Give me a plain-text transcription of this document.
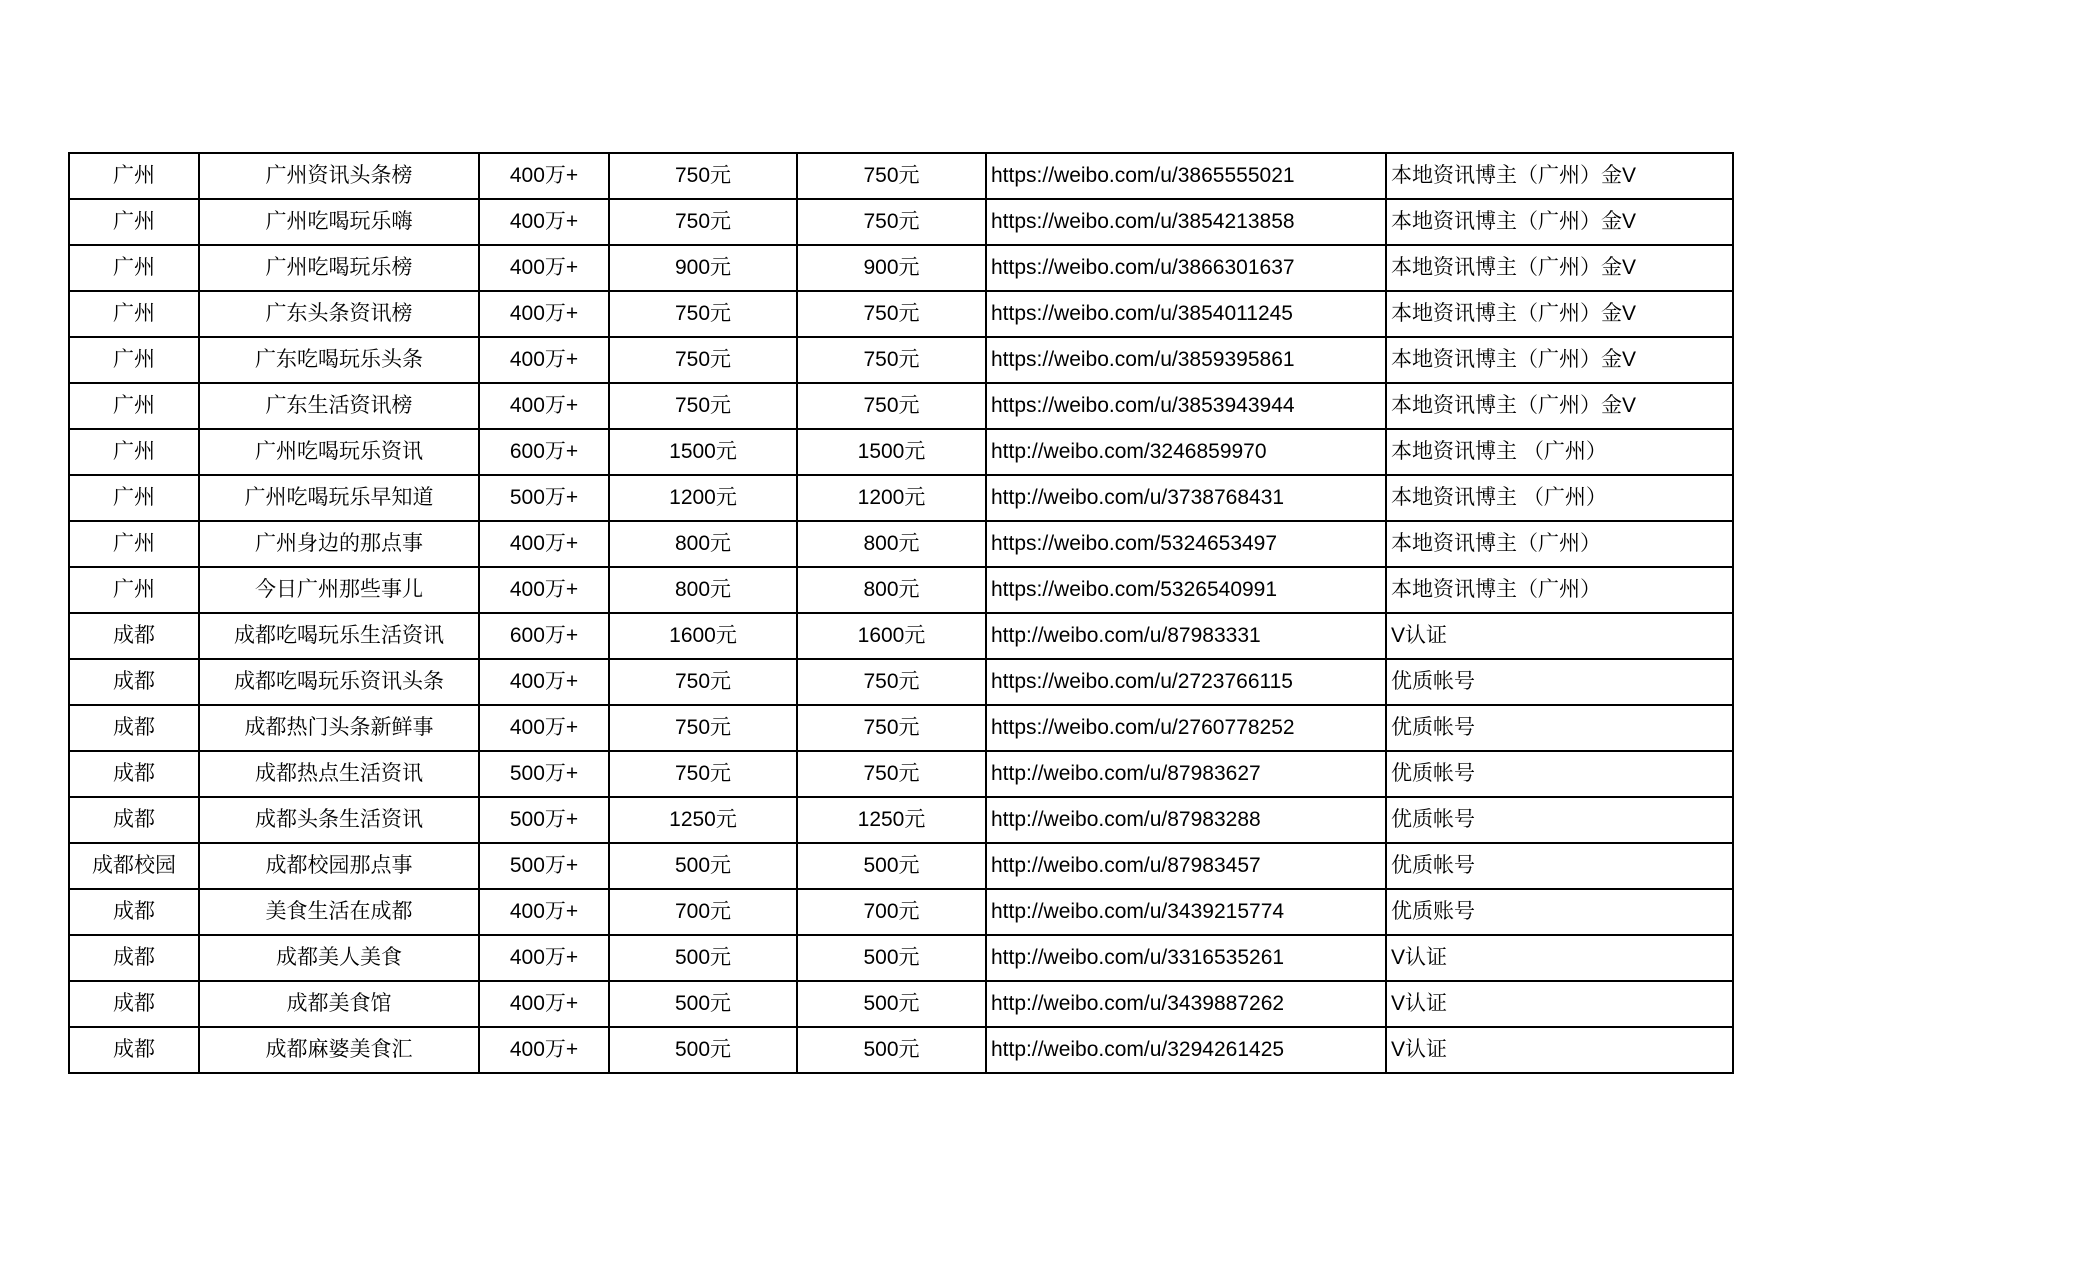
广州	广州资讯头条榜	400万+	750元	750元	https://weibo.com/u/3865555021	本地资讯博主（广州）金V
广州	广州吃喝玩乐嗨	400万+	750元	750元	https://weibo.com/u/3854213858	本地资讯博主（广州）金V
广州	广州吃喝玩乐榜	400万+	900元	900元	https://weibo.com/u/3866301637	本地资讯博主（广州）金V
广州	广东头条资讯榜	400万+	750元	750元	https://weibo.com/u/3854011245	本地资讯博主（广州）金V
广州	广东吃喝玩乐头条	400万+	750元	750元	https://weibo.com/u/3859395861	本地资讯博主（广州）金V
广州	广东生活资讯榜	400万+	750元	750元	https://weibo.com/u/3853943944	本地资讯博主（广州）金V
广州	广州吃喝玩乐资讯	600万+	1500元	1500元	http://weibo.com/3246859970	本地资讯博主 （广州）
广州	广州吃喝玩乐早知道	500万+	1200元	1200元	http://weibo.com/u/3738768431	本地资讯博主 （广州）
广州	广州身边的那点事	400万+	800元	800元	https://weibo.com/5324653497	本地资讯博主（广州）
广州	今日广州那些事儿	400万+	800元	800元	https://weibo.com/5326540991	本地资讯博主（广州）
成都	成都吃喝玩乐生活资讯	600万+	1600元	1600元	http://weibo.com/u/87983331	V认证
成都	成都吃喝玩乐资讯头条	400万+	750元	750元	https://weibo.com/u/2723766115	优质帐号
成都	成都热门头条新鲜事	400万+	750元	750元	https://weibo.com/u/2760778252	优质帐号
成都	成都热点生活资讯	500万+	750元	750元	http://weibo.com/u/87983627	优质帐号
成都	成都头条生活资讯	500万+	1250元	1250元	http://weibo.com/u/87983288	优质帐号
成都校园	成都校园那点事	500万+	500元	500元	http://weibo.com/u/87983457	优质帐号
成都	美食生活在成都	400万+	700元	700元	http://weibo.com/u/3439215774	优质账号
成都	成都美人美食	400万+	500元	500元	http://weibo.com/u/3316535261	V认证
成都	成都美食馆	400万+	500元	500元	http://weibo.com/u/3439887262	V认证
成都	成都麻婆美食汇	400万+	500元	500元	http://weibo.com/u/3294261425	V认证
